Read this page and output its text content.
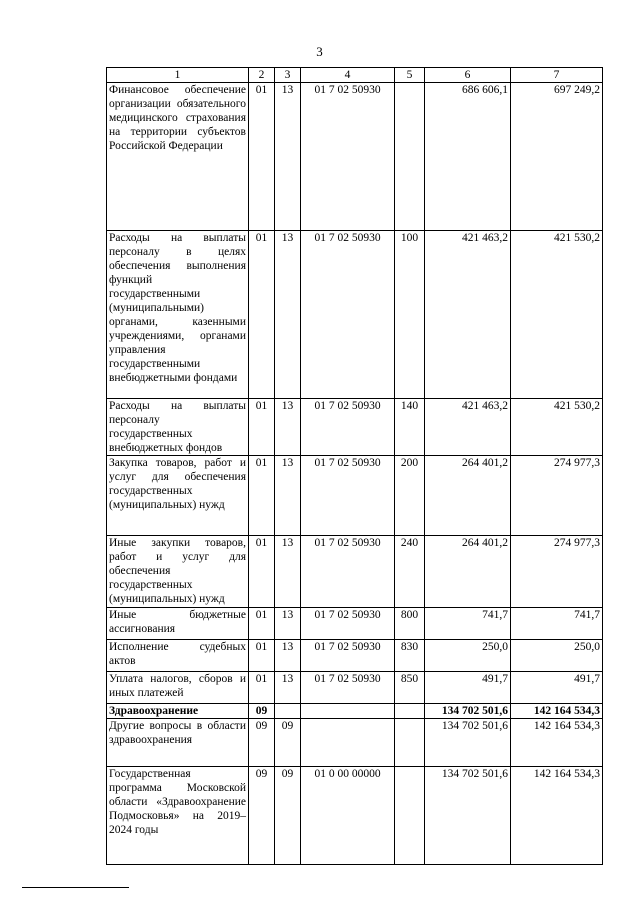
3
1	2	3	4	5	6	7
Финансовое обеспечение организации обязательного медицинского страхования на территории субъектов Российской Федерации	01	13	01 7 02 50930		686 606,1	697 249,2
Расходы на выплаты персоналу в целях обеспечения выполнения функций государственными (муниципальными) органами, казенными учреждениями, органами управления государственными внебюджетными фондами	01	13	01 7 02 50930	100	421 463,2	421 530,2
Расходы на выплаты персоналу государственных внебюджетных фондов	01	13	01 7 02 50930	140	421 463,2	421 530,2
Закупка товаров, работ и услуг для обеспечения государственных (муниципальных) нужд	01	13	01 7 02 50930	200	264 401,2	274 977,3
Иные закупки товаров, работ и услуг для обеспечения государственных (муниципальных) нужд	01	13	01 7 02 50930	240	264 401,2	274 977,3
Иные бюджетные ассигнования	01	13	01 7 02 50930	800	741,7	741,7
Исполнение судебных актов	01	13	01 7 02 50930	830	250,0	250,0
Уплата налогов, сборов и иных платежей	01	13	01 7 02 50930	850	491,7	491,7
Здравоохранение	09				134 702 501,6	142 164 534,3
Другие вопросы в области здравоохранения	09	09			134 702 501,6	142 164 534,3
Государственная программа Московской области «Здравоохранение Подмосковья» на 2019– 2024 годы	09	09	01 0 00 00000		134 702 501,6	142 164 534,3
